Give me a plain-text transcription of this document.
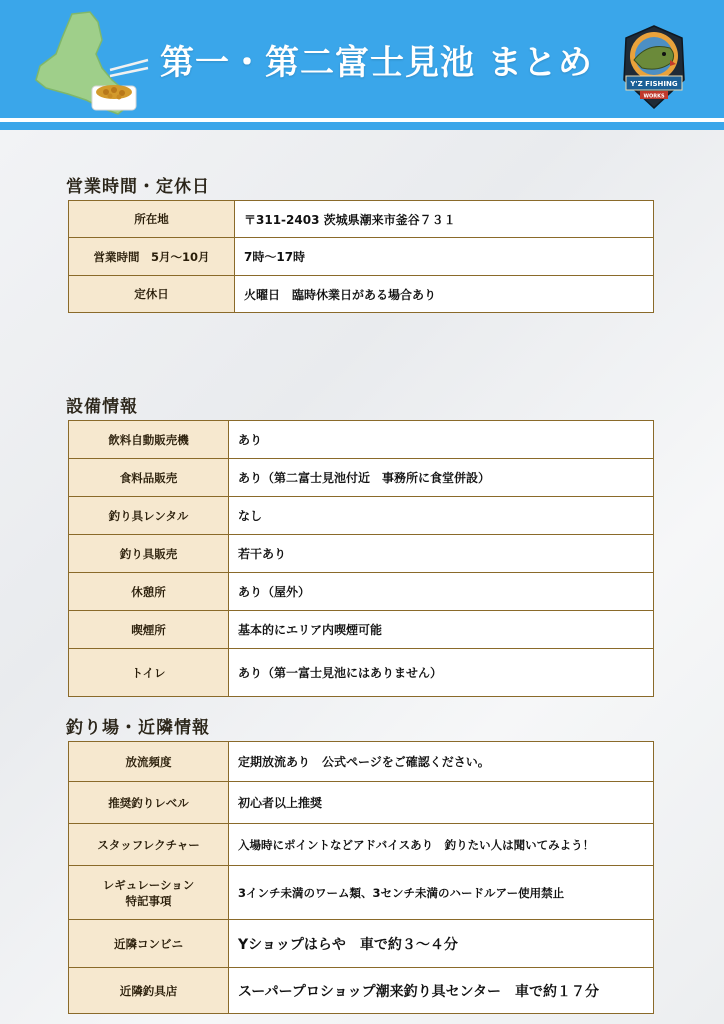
第一・第二富士見池 まとめ
Y'Z FISHING
WORKS
営業時間・定休日
所在地	〒311-2403 茨城県潮来市釜谷７３１
営業時間　5月〜10月	7時〜17時
定休日	火曜日　臨時休業日がある場合あり
設備情報
飲料自動販売機	あり
食料品販売	あり（第二富士見池付近　事務所に食堂併設）
釣り具レンタル	なし
釣り具販売	若干あり
休憩所	あり（屋外）
喫煙所	基本的にエリア内喫煙可能
トイレ	あり（第一富士見池にはありません）
釣り場・近隣情報
放流頻度	定期放流あり　公式ページをご確認ください。
推奨釣りレベル	初心者以上推奨
スタッフレクチャー	入場時にポイントなどアドバイスあり　釣りたい人は聞いてみよう！

レギュレーション
特記事項	3インチ未満のワーム類、3センチ未満のハードルアー使用禁止
近隣コンビニ	Yショップはらや　車で約３〜４分
近隣釣具店	スーパープロショップ潮来釣り具センター　車で約１７分
